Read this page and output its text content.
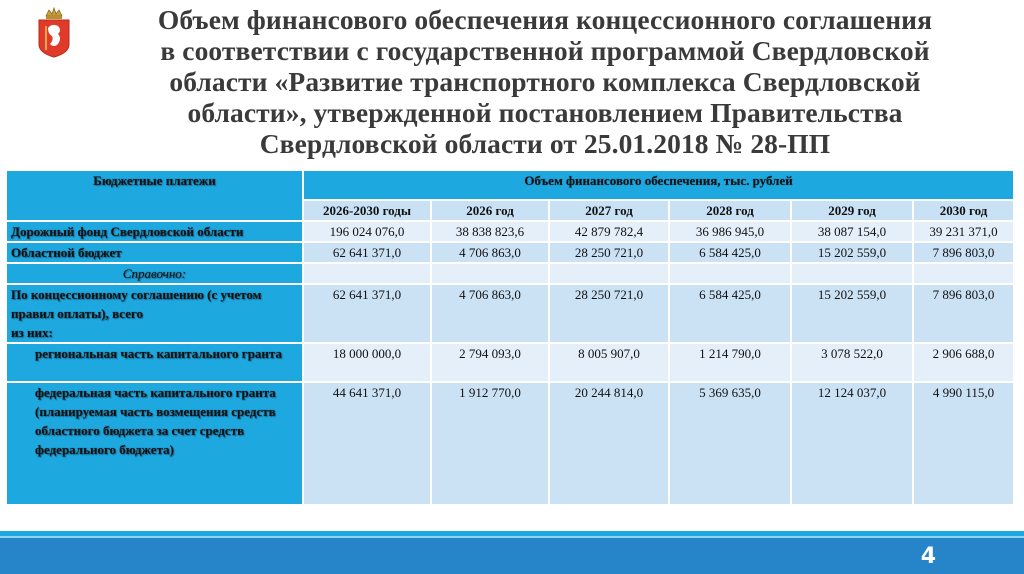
Объем финансового обеспечения концессионного соглашения
в соответствии с государственной программой Свердловской
области «Развитие транспортного комплекса Свердловской
области», утвержденной постановлением Правительства
Свердловской области от 25.01.2018 № 28-ПП
Бюджетные платежи	Объем финансового обеспечения, тыс. рублей					
	2026-2030 годы	2026 год	2027 год	2028 год	2029 год	2030 год
Дорожный фонд Свердловской области	196 024 076,0	38 838 823,6	42 879 782,4	36 986 945,0	38 087 154,0	39 231 371,0
Областной бюджет	62 641 371,0	4 706 863,0	28 250 721,0	6 584 425,0	15 202 559,0	7 896 803,0
Справочно:						

По концессионному соглашению (с учетом правил оплаты), всего
из них:	62 641 371,0	4 706 863,0	28 250 721,0	6 584 425,0	15 202 559,0	7 896 803,0
региональная часть капитального гранта	18 000 000,0	2 794 093,0	8 005 907,0	1 214 790,0	3 078 522,0	2 906 688,0
федеральная часть капитального гранта (планируемая часть возмещения средств областного бюджета за счет средств федерального бюджета)	44 641 371,0	1 912 770,0	20 244 814,0	5 369 635,0	12 124 037,0	4 990 115,0
4
